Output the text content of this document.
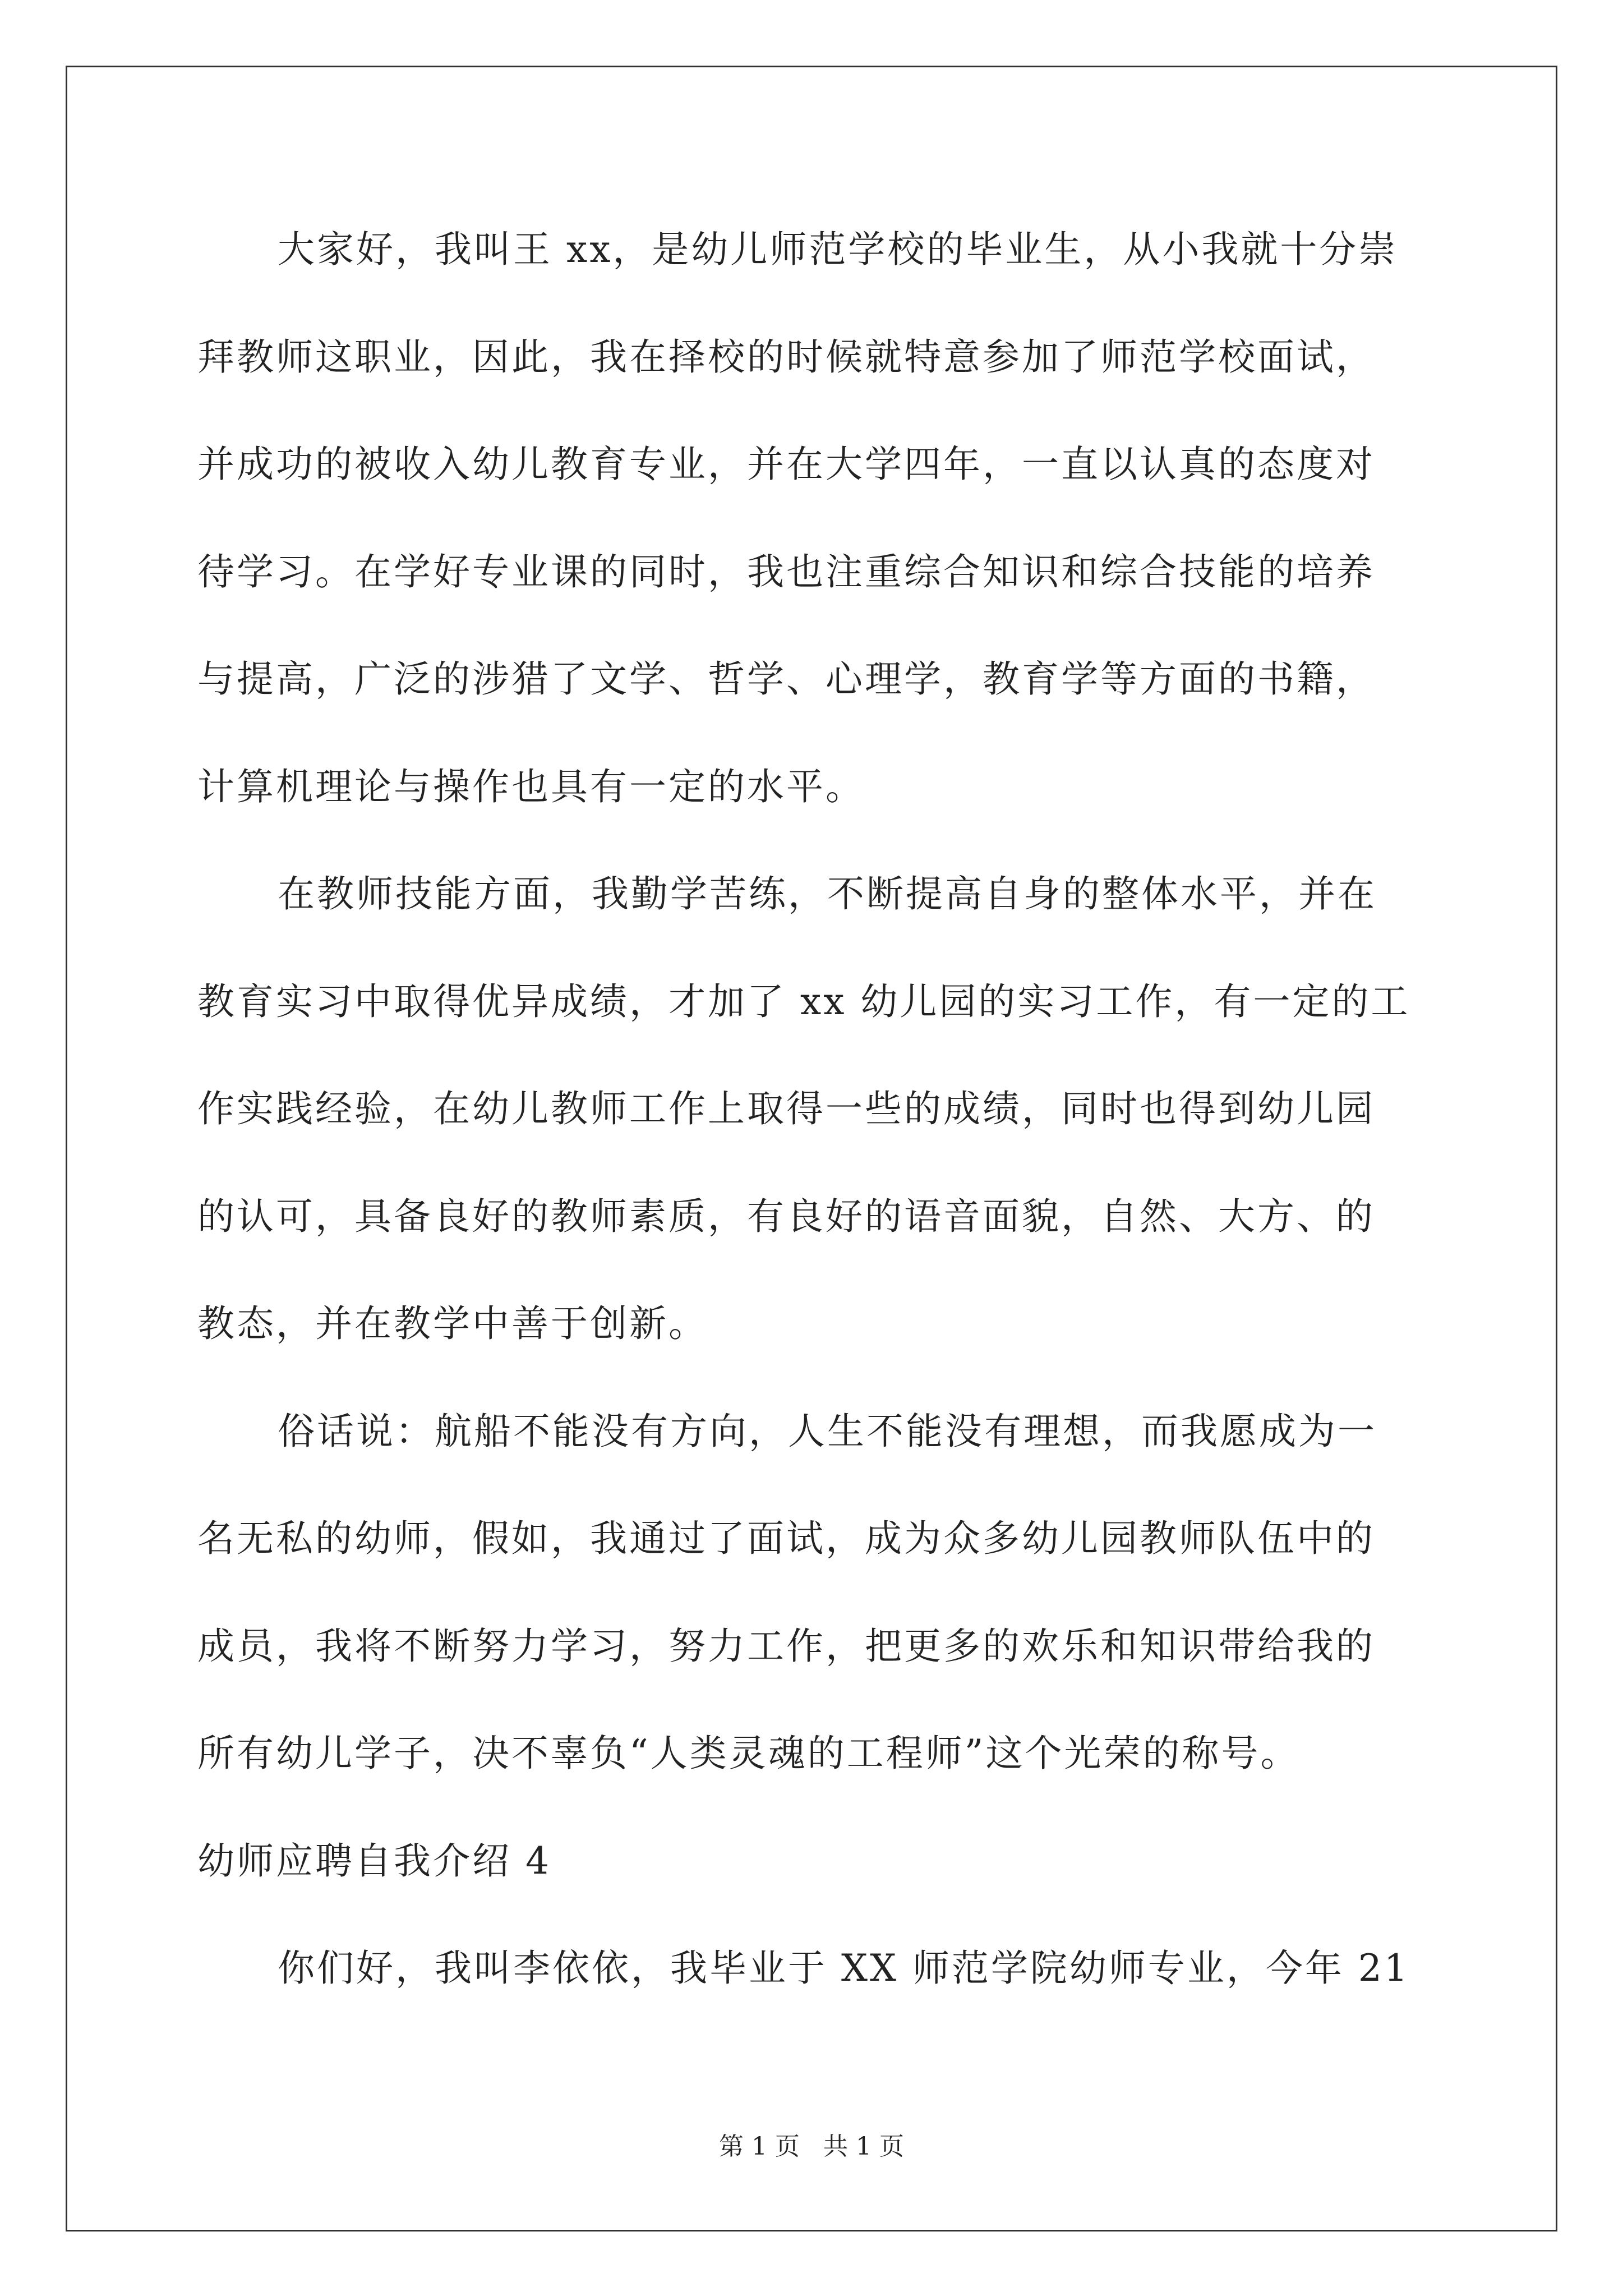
大家好，我叫王 xx，是幼儿师范学校的毕业生，从小我就十分崇
拜教师这职业，因此，我在择校的时候就特意参加了师范学校面试，
并成功的被收入幼儿教育专业，并在大学四年，一直以认真的态度对
待学习。在学好专业课的同时，我也注重综合知识和综合技能的培养
与提高，广泛的涉猎了文学、哲学、心理学，教育学等方面的书籍，
计算机理论与操作也具有一定的水平。
在教师技能方面，我勤学苦练，不断提高自身的整体水平，并在
教育实习中取得优异成绩，才加了 xx 幼儿园的实习工作，有一定的工
作实践经验，在幼儿教师工作上取得一些的成绩，同时也得到幼儿园
的认可，具备良好的教师素质，有良好的语音面貌，自然、大方、的
教态，并在教学中善于创新。
俗话说：航船不能没有方向，人生不能没有理想，而我愿成为一
名无私的幼师，假如，我通过了面试，成为众多幼儿园教师队伍中的
成员，我将不断努力学习，努力工作，把更多的欢乐和知识带给我的
所有幼儿学子，决不辜负“人类灵魂的工程师”这个光荣的称号。
幼师应聘自我介绍 4
你们好，我叫李依依，我毕业于 XX 师范学院幼师专业，今年 21
第 1 页   共 1 页
